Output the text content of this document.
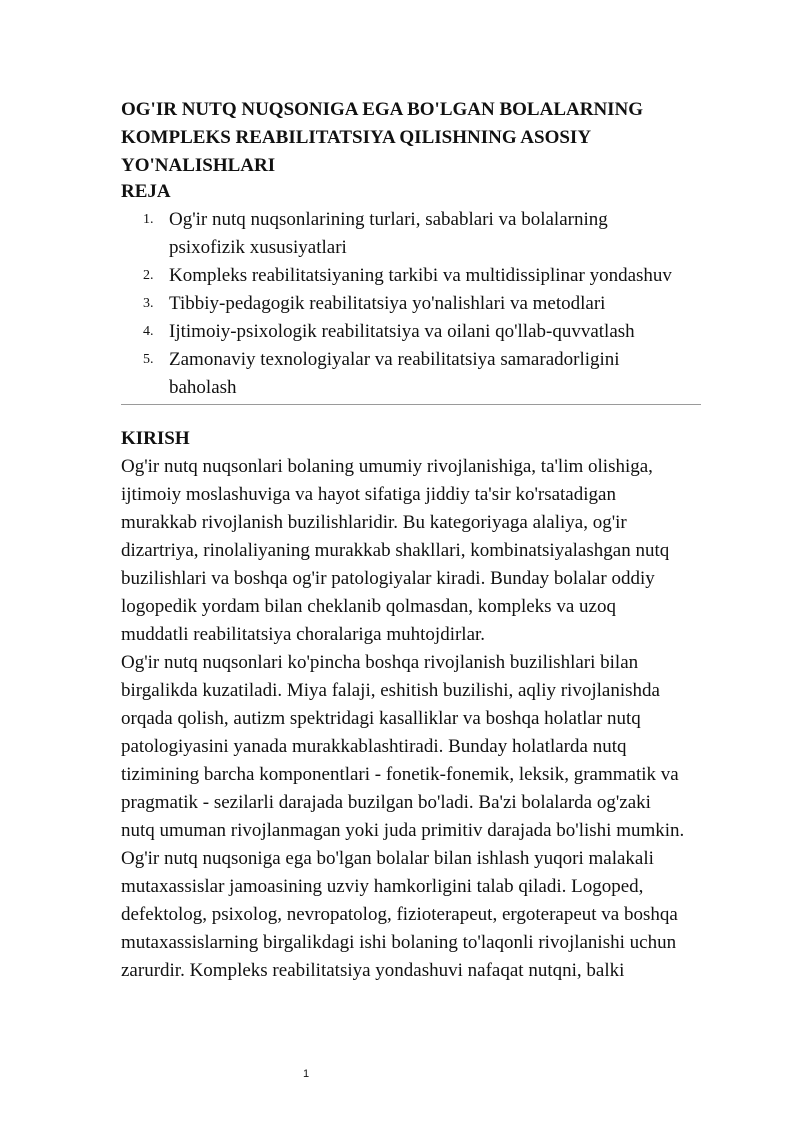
OG'IR NUTQ NUQSONIGA EGA BO'LGAN BOLALARNING
KOMPLEKS REABILITATSIYA QILISHNING ASOSIY
YO'NALISHLARI
REJA
1. Og'ir nutq nuqsonlarining turlari, sabablari va bolalarning
psixofizik xususiyatlari
2. Kompleks reabilitatsiyaning tarkibi va multidissiplinar yondashuv
3. Tibbiy-pedagogik reabilitatsiya yo'nalishlari va metodlari
4. Ijtimoiy-psixologik reabilitatsiya va oilani qo'llab-quvvatlash
5. Zamonaviy texnologiyalar va reabilitatsiya samaradorligini
baholash
KIRISH
Og'ir nutq nuqsonlari bolaning umumiy rivojlanishiga, ta'lim olishiga,
ijtimoiy moslashuviga va hayot sifatiga jiddiy ta'sir ko'rsatadigan
murakkab rivojlanish buzilishlaridir. Bu kategoriyaga alaliya, og'ir
dizartriya, rinolaliyaning murakkab shakllari, kombinatsiyalashgan nutq
buzilishlari va boshqa og'ir patologiyalar kiradi. Bunday bolalar oddiy
logopedik yordam bilan cheklanib qolmasdan, kompleks va uzoq
muddatli reabilitatsiya choralariga muhtojdirlar.
Og'ir nutq nuqsonlari ko'pincha boshqa rivojlanish buzilishlari bilan
birgalikda kuzatiladi. Miya falaji, eshitish buzilishi, aqliy rivojlanishda
orqada qolish, autizm spektridagi kasalliklar va boshqa holatlar nutq
patologiyasini yanada murakkablashtiradi. Bunday holatlarda nutq
tizimining barcha komponentlari - fonetik-fonemik, leksik, grammatik va
pragmatik - sezilarli darajada buzilgan bo'ladi. Ba'zi bolalarda og'zaki
nutq umuman rivojlanmagan yoki juda primitiv darajada bo'lishi mumkin.
Og'ir nutq nuqsoniga ega bo'lgan bolalar bilan ishlash yuqori malakali
mutaxassislar jamoasining uzviy hamkorligini talab qiladi. Logoped,
defektolog, psixolog, nevropatolog, fizioterapeut, ergoterapeut va boshqa
mutaxassislarning birgalikdagi ishi bolaning to'laqonli rivojlanishi uchun
zarurdir. Kompleks reabilitatsiya yondashuvi nafaqat nutqni, balki
1
